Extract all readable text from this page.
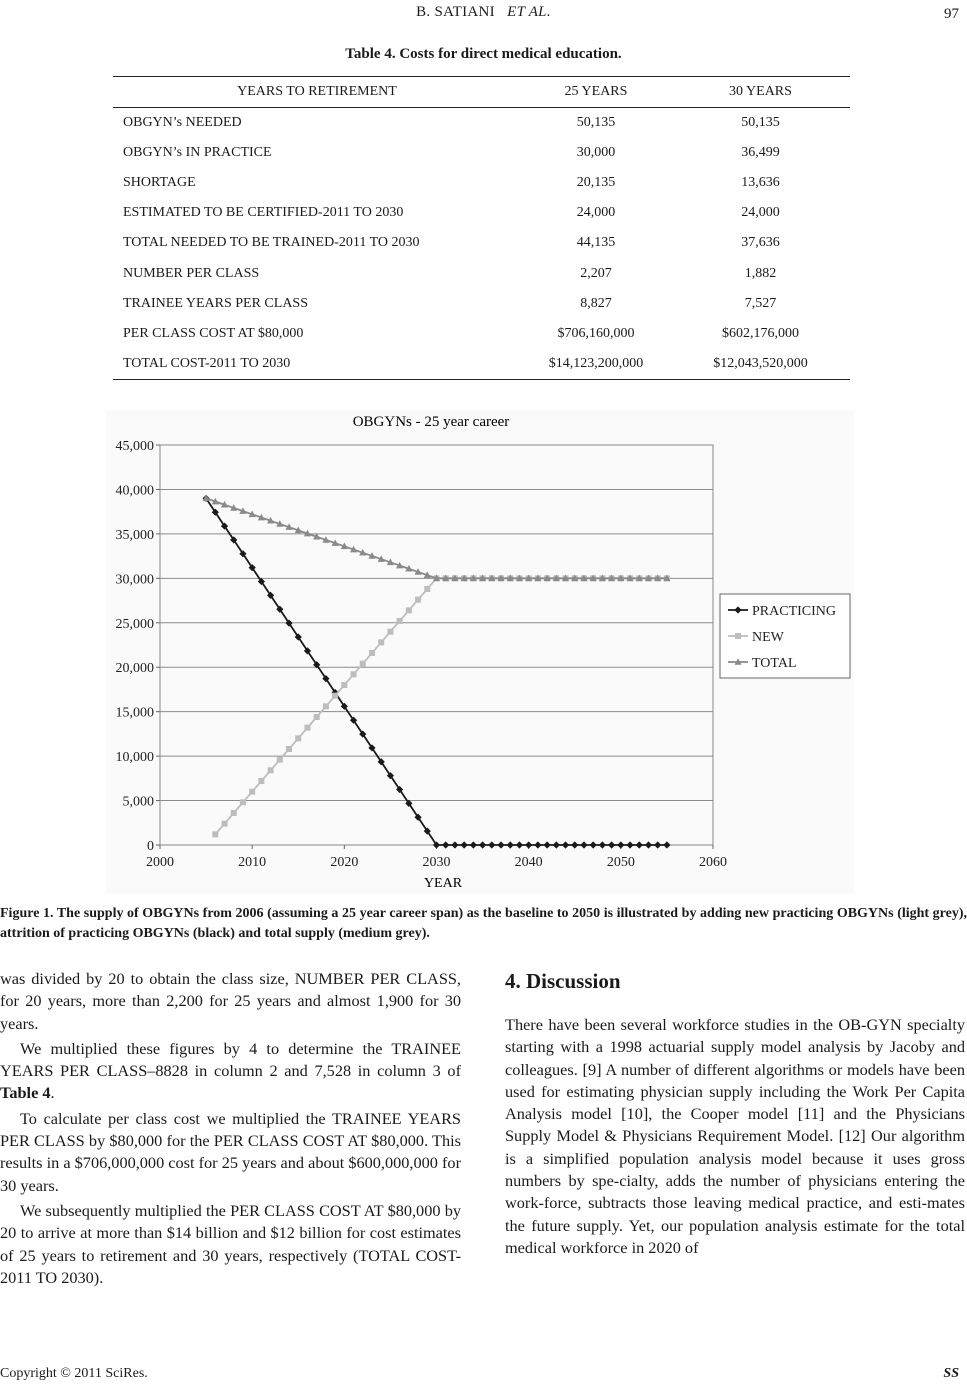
B. SATIANI ET AL.	97
Table 4. Costs for direct medical education.
YEARS TO RETIREMENT	25 YEARS	30 YEARS
OBGYN’s NEEDED	50,135	50,135
OBGYN’s IN PRACTICE	30,000	36,499
SHORTAGE	20,135	13,636
ESTIMATED TO BE CERTIFIED-2011 TO 2030	24,000	24,000
TOTAL NEEDED TO BE TRAINED-2011 TO 2030	44,135	37,636
NUMBER PER CLASS	2,207	1,882
TRAINEE YEARS PER CLASS	8,827	7,527
PER CLASS COST AT $80,000	$706,160,000	$602,176,000
TOTAL COST-2011 TO 2030	$14,123,200,000	$12,043,520,000
OBGYNs - 25 year career
0
5,000
10,000
15,000
20,000
25,000
30,000
35,000
40,000
45,000
2000	2010	2020	2030	2040	2050	2060
YEAR
PRACTICING
NEW
TOTAL
Figure 1. The supply of OBGYNs from 2006 (assuming a 25 year career span) as the baseline to 2050 is illustrated by adding new practicing OBGYNs (light grey), attrition of practicing OBGYNs (black) and total supply (medium grey).

was divided by 20 to obtain the class size, NUMBER PER CLASS, for 20 years, more than 2,200 for 25 years and almost 1,900 for 30 years.

We multiplied these figures by 4 to determine the TRAINEE YEARS PER CLASS–8828 in column 2 and 7,528 in column 3 of Table 4.

To calculate per class cost we multiplied the TRAINEE YEARS PER CLASS by $80,000 for the PER CLASS COST AT $80,000. This results in a $706,000,000 cost for 25 years and about $600,000,000 for 30 years.

We subsequently multiplied the PER CLASS COST AT $80,000 by 20 to arrive at more than $14 billion and $12 billion for cost estimates of 25 years to retirement and 30 years, respectively (TOTAL COST-2011 TO 2030).

4. Discussion

There have been several workforce studies in the OB-GYN specialty starting with a 1998 actuarial supply model analysis by Jacoby and colleagues. [9] A number of different algorithms or models have been used for estimating physician supply including the Work Per Capita Analysis model [10], the Cooper model [11] and the Physicians Supply Model & Physicians Requirement Model. [12] Our algorithm is a simplified population analysis model because it uses gross numbers by spe-cialty, adds the number of physicians entering the work-force, subtracts those leaving medical practice, and esti-mates the future supply. Yet, our population analysis estimate for the total medical workforce in 2020 of

Copyright © 2011 SciRes.	SS
